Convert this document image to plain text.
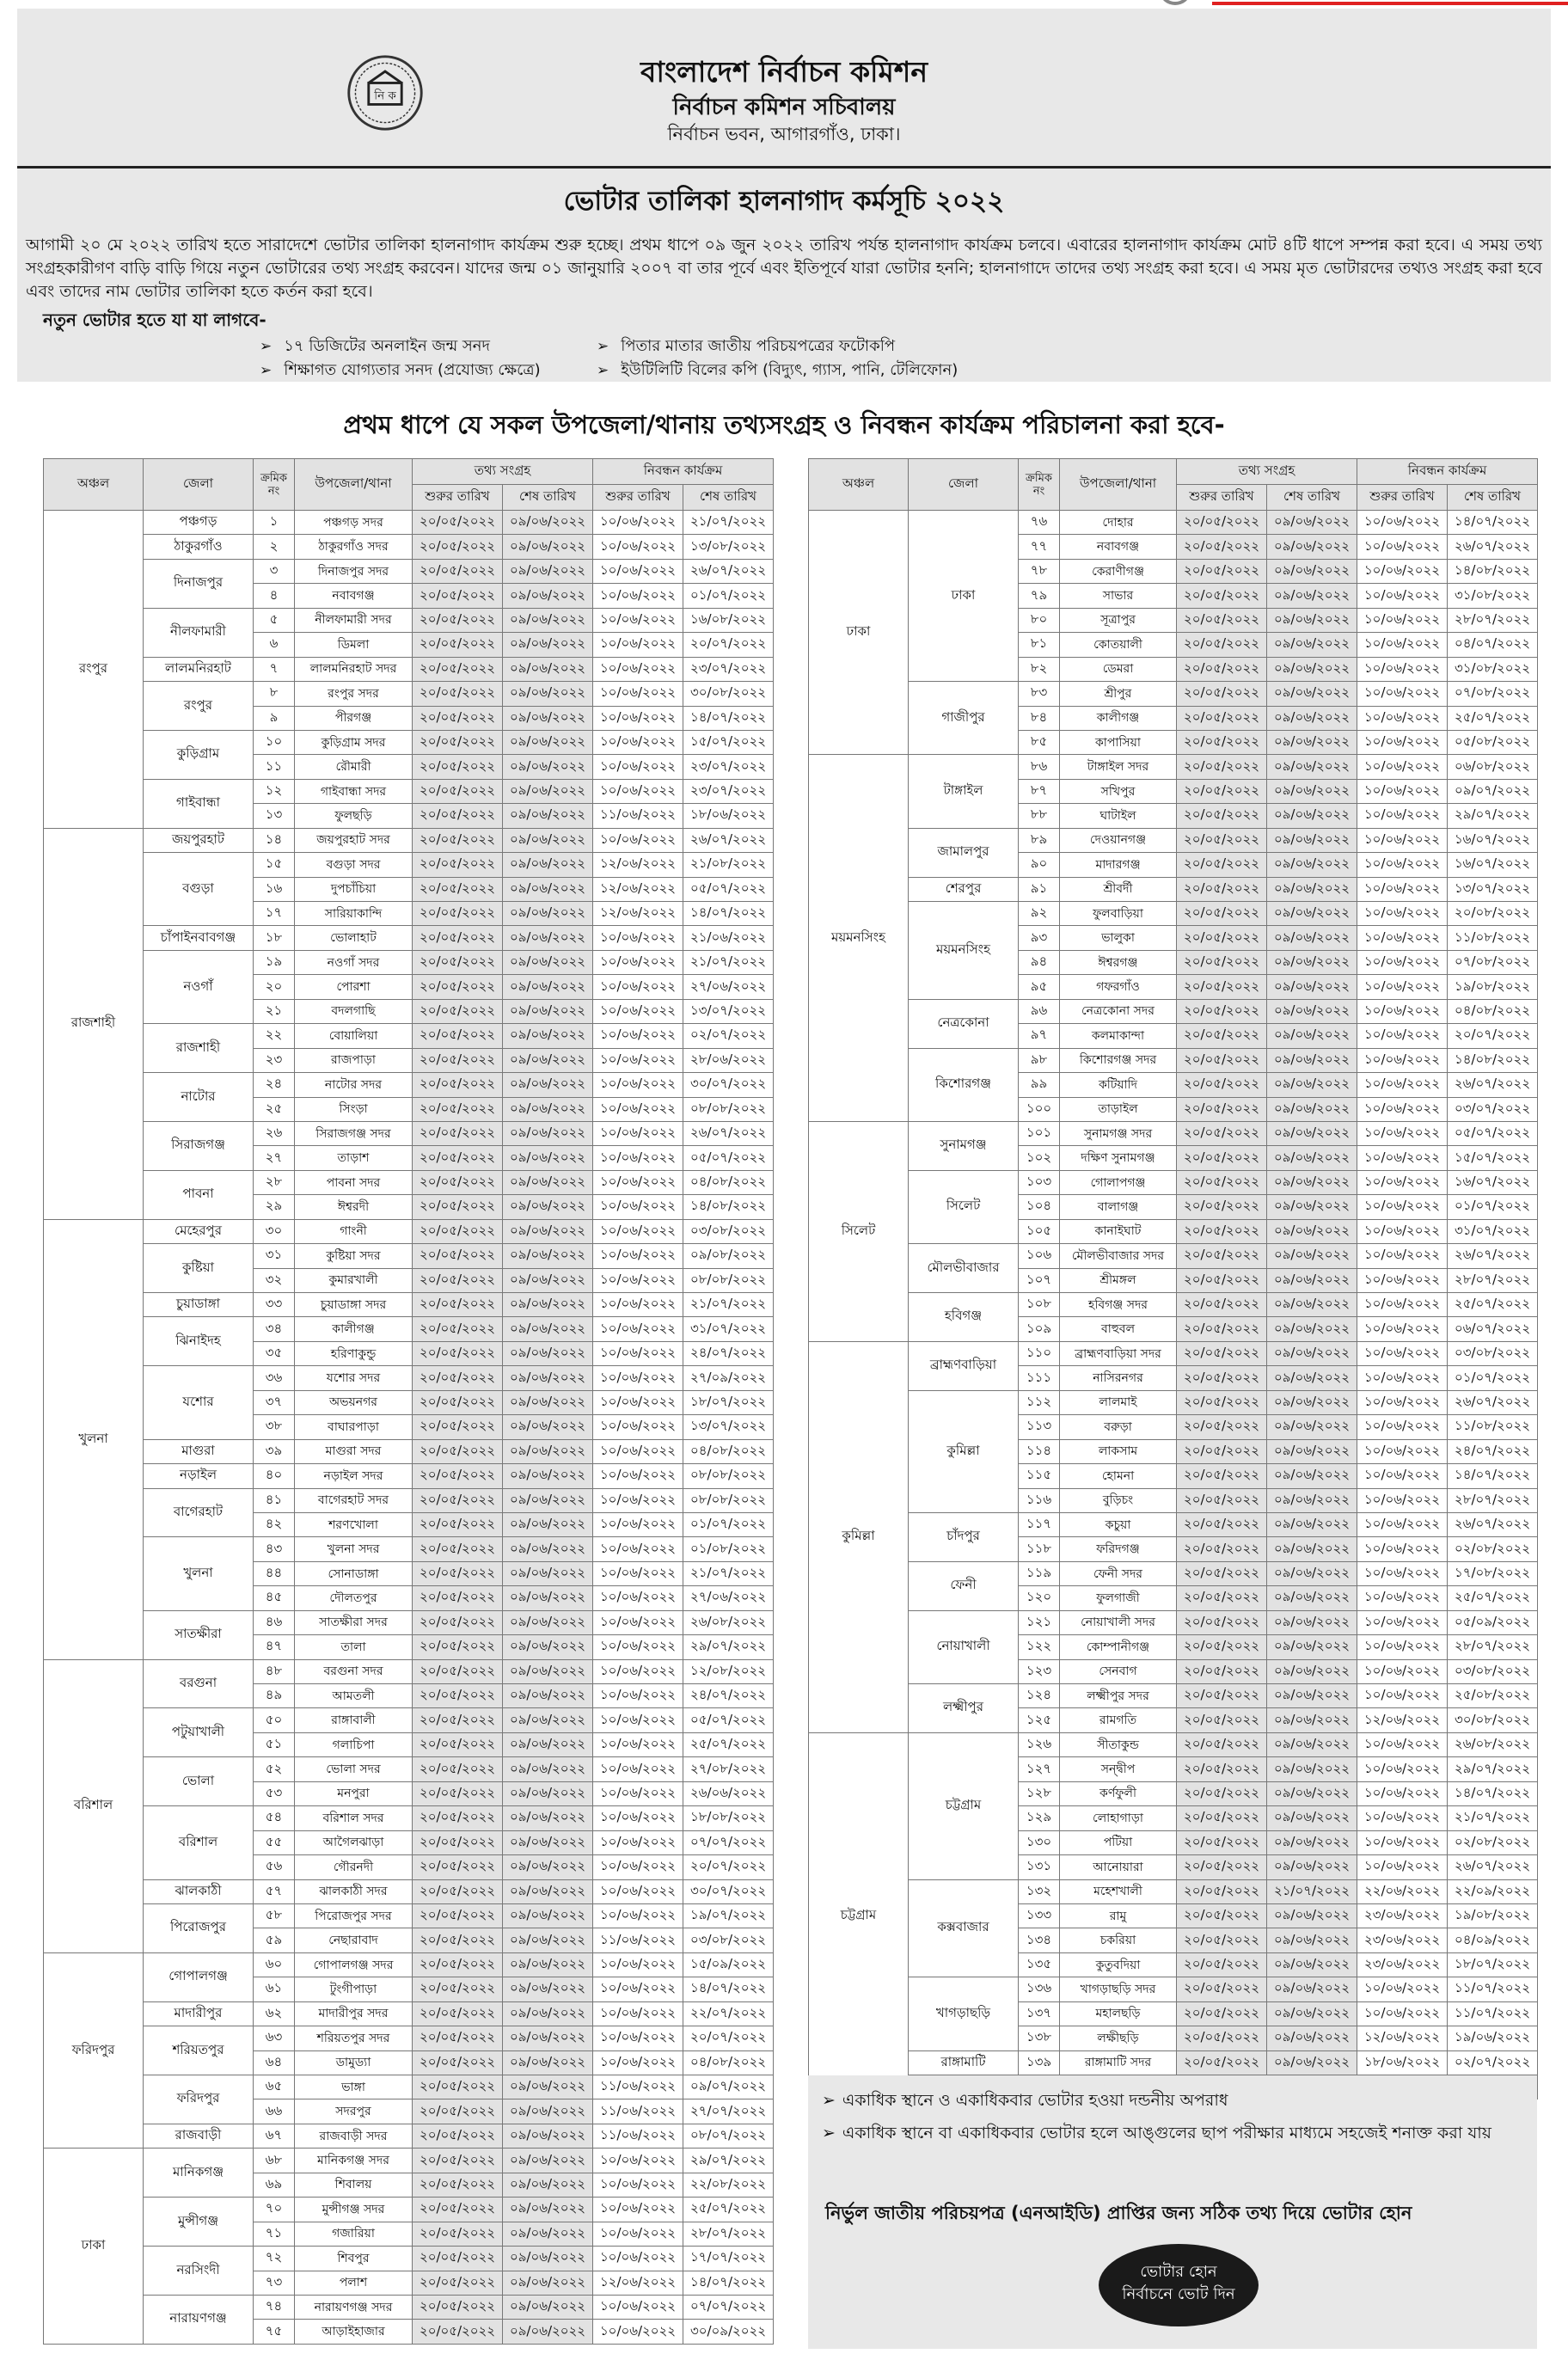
নি ক
বাংলাদেশ নির্বাচন কমিশন
নির্বাচন কমিশন সচিবালয়
নির্বাচন ভবন, আগারগাঁও, ঢাকা।
ভোটার তালিকা হালনাগাদ কর্মসূচি ২০২২
আগামী ২০ মে ২০২২ তারিখ হতে সারাদেশে ভোটার তালিকা হালনাগাদ কার্যক্রম শুরু হচ্ছে। প্রথম ধাপে ০৯ জুন ২০২২ তারিখ পর্যন্ত হালনাগাদ কার্যক্রম চলবে। এবারের হালনাগাদ কার্যক্রম মোট ৪টি ধাপে সম্পন্ন করা হবে। এ সময় তথ্য সংগ্রহকারীগণ বাড়ি বাড়ি গিয়ে নতুন ভোটারের তথ্য সংগ্রহ করবেন। যাদের জন্ম ০১ জানুয়ারি ২০০৭ বা তার পূর্বে এবং ইতিপূর্বে যারা ভোটার হননি; হালনাগাদে তাদের তথ্য সংগ্রহ করা হবে। এ সময় মৃত ভোটারদের তথ্যও সংগ্রহ করা হবে এবং তাদের নাম ভোটার তালিকা হতে কর্তন করা হবে।
নতুন ভোটার হতে যা যা লাগবে-
➢ ১৭ ডিজিটের অনলাইন জন্ম সনদ
➢ শিক্ষাগত যোগ্যতার সনদ (প্রযোজ্য ক্ষেত্রে)
➢ পিতার মাতার জাতীয় পরিচয়পত্রের ফটোকপি
➢ ইউটিলিটি বিলের কপি (বিদ্যুৎ, গ্যাস, পানি, টেলিফোন)
প্রথম ধাপে যে সকল উপজেলা/থানায় তথ্যসংগ্রহ ও নিবন্ধন কার্যক্রম পরিচালনা করা হবে-
অঞ্চল	জেলা	ক্রমিক নং	উপজেলা/থানা	তথ্য সংগ্রহ		নিবন্ধন কার্যক্রম	
				শুরুর তারিখ	শেষ তারিখ	শুরুর তারিখ	শেষ তারিখ
রংপুর	পঞ্চগড়	১	পঞ্চগড় সদর	২০/০৫/২০২২	০৯/০৬/২০২২	১০/০৬/২০২২	২১/০৭/২০২২
	ঠাকুরগাঁও	২	ঠাকুরগাঁও সদর	২০/০৫/২০২২	০৯/০৬/২০২২	১০/০৬/২০২২	১৩/০৮/২০২২
	দিনাজপুর	৩	দিনাজপুর সদর	২০/০৫/২০২২	০৯/০৬/২০২২	১০/০৬/২০২২	২৬/০৭/২০২২
		৪	নবাবগঞ্জ	২০/০৫/২০২২	০৯/০৬/২০২২	১০/০৬/২০২২	০১/০৭/২০২২
	নীলফামারী	৫	নীলফামারী সদর	২০/০৫/২০২২	০৯/০৬/২০২২	১০/০৬/২০২২	১৬/০৮/২০২২
		৬	ডিমলা	২০/০৫/২০২২	০৯/০৬/২০২২	১০/০৬/২০২২	২০/০৭/২০২২
	লালমনিরহাট	৭	লালমনিরহাট সদর	২০/০৫/২০২২	০৯/০৬/২০২২	১০/০৬/২০২২	২৩/০৭/২০২২
	রংপুর	৮	রংপুর সদর	২০/০৫/২০২২	০৯/০৬/২০২২	১০/০৬/২০২২	৩০/০৮/২০২২
		৯	পীরগঞ্জ	২০/০৫/২০২২	০৯/০৬/২০২২	১০/০৬/২০২২	১৪/০৭/২০২২
	কুড়িগ্রাম	১০	কুড়িগ্রাম সদর	২০/০৫/২০২২	০৯/০৬/২০২২	১০/০৬/২০২২	১৫/০৭/২০২২
		১১	রৌমারী	২০/০৫/২০২২	০৯/০৬/২০২২	১০/০৬/২০২২	২৩/০৭/২০২২
	গাইবান্ধা	১২	গাইবান্ধা সদর	২০/০৫/২০২২	০৯/০৬/২০২২	১০/০৬/২০২২	২৩/০৭/২০২২
		১৩	ফুলছড়ি	২০/০৫/২০২২	০৯/০৬/২০২২	১১/০৬/২০২২	১৮/০৬/২০২২
রাজশাহী	জয়পুরহাট	১৪	জয়পুরহাট সদর	২০/০৫/২০২২	০৯/০৬/২০২২	১০/০৬/২০২২	২৬/০৭/২০২২
	বগুড়া	১৫	বগুড়া সদর	২০/০৫/২০২২	০৯/০৬/২০২২	১২/০৬/২০২২	২১/০৮/২০২২
		১৬	দুপচাঁচিয়া	২০/০৫/২০২২	০৯/০৬/২০২২	১২/০৬/২০২২	০৫/০৭/২০২২
		১৭	সারিয়াকান্দি	২০/০৫/২০২২	০৯/০৬/২০২২	১২/০৬/২০২২	১৪/০৭/২০২২
	চাঁপাইনবাবগঞ্জ	১৮	ভোলাহাট	২০/০৫/২০২২	০৯/০৬/২০২২	১০/০৬/২০২২	২১/০৬/২০২২
	নওগাঁ	১৯	নওগাঁ সদর	২০/০৫/২০২২	০৯/০৬/২০২২	১০/০৬/২০২২	২১/০৭/২০২২
		২০	পোরশা	২০/০৫/২০২২	০৯/০৬/২০২২	১০/০৬/২০২২	২৭/০৬/২০২২
		২১	বদলগাছি	২০/০৫/২০২২	০৯/০৬/২০২২	১০/০৬/২০২২	১৩/০৭/২০২২
	রাজশাহী	২২	বোয়ালিয়া	২০/০৫/২০২২	০৯/০৬/২০২২	১০/০৬/২০২২	০২/০৭/২০২২
		২৩	রাজপাড়া	২০/০৫/২০২২	০৯/০৬/২০২২	১০/০৬/২০২২	২৮/০৬/২০২২
	নাটোর	২৪	নাটোর সদর	২০/০৫/২০২২	০৯/০৬/২০২২	১০/০৬/২০২২	৩০/০৭/২০২২
		২৫	সিংড়া	২০/০৫/২০২২	০৯/০৬/২০২২	১০/০৬/২০২২	০৮/০৮/২০২২
	সিরাজগঞ্জ	২৬	সিরাজগঞ্জ সদর	২০/০৫/২০২২	০৯/০৬/২০২২	১০/০৬/২০২২	২৬/০৭/২০২২
		২৭	তাড়াশ	২০/০৫/২০২২	০৯/০৬/২০২২	১০/০৬/২০২২	০৫/০৭/২০২২
	পাবনা	২৮	পাবনা সদর	২০/০৫/২০২২	০৯/০৬/২০২২	১০/০৬/২০২২	০৪/০৮/২০২২
		২৯	ঈশ্বরদী	২০/০৫/২০২২	০৯/০৬/২০২২	১০/০৬/২০২২	১৪/০৮/২০২২
খুলনা	মেহেরপুর	৩০	গাংনী	২০/০৫/২০২২	০৯/০৬/২০২২	১০/০৬/২০২২	০৩/০৮/২০২২
	কুষ্টিয়া	৩১	কুষ্টিয়া সদর	২০/০৫/২০২২	০৯/০৬/২০২২	১০/০৬/২০২২	০৯/০৮/২০২২
		৩২	কুমারখালী	২০/০৫/২০২২	০৯/০৬/২০২২	১০/০৬/২০২২	০৮/০৮/২০২২
	চুয়াডাঙ্গা	৩৩	চুয়াডাঙ্গা সদর	২০/০৫/২০২২	০৯/০৬/২০২২	১০/০৬/২০২২	২১/০৭/২০২২
	ঝিনাইদহ	৩৪	কালীগঞ্জ	২০/০৫/২০২২	০৯/০৬/২০২২	১০/০৬/২০২২	৩১/০৭/২০২২
		৩৫	হরিণাকুন্ডু	২০/০৫/২০২২	০৯/০৬/২০২২	১০/০৬/২০২২	২৪/০৭/২০২২
	যশোর	৩৬	যশোর সদর	২০/০৫/২০২২	০৯/০৬/২০২২	১০/০৬/২০২২	২৭/০৯/২০২২
		৩৭	অভয়নগর	২০/০৫/২০২২	০৯/০৬/২০২২	১০/০৬/২০২২	১৮/০৭/২০২২
		৩৮	বাঘারপাড়া	২০/০৫/২০২২	০৯/০৬/২০২২	১০/০৬/২০২২	১৩/০৭/২০২২
	মাগুরা	৩৯	মাগুরা সদর	২০/০৫/২০২২	০৯/০৬/২০২২	১০/০৬/২০২২	০৪/০৮/২০২২
	নড়াইল	৪০	নড়াইল সদর	২০/০৫/২০২২	০৯/০৬/২০২২	১০/০৬/২০২২	০৮/০৮/২০২২
	বাগেরহাট	৪১	বাগেরহাট সদর	২০/০৫/২০২২	০৯/০৬/২০২২	১০/০৬/২০২২	০৮/০৮/২০২২
		৪২	শরণখোলা	২০/০৫/২০২২	০৯/০৬/২০২২	১০/০৬/২০২২	০১/০৭/২০২২
	খুলনা	৪৩	খুলনা সদর	২০/০৫/২০২২	০৯/০৬/২০২২	১০/০৬/২০২২	০১/০৮/২০২২
		৪৪	সোনাডাঙ্গা	২০/০৫/২০২২	০৯/০৬/২০২২	১০/০৬/২০২২	২১/০৭/২০২২
		৪৫	দৌলতপুর	২০/০৫/২০২২	০৯/০৬/২০২২	১০/০৬/২০২২	২৭/০৬/২০২২
	সাতক্ষীরা	৪৬	সাতক্ষীরা সদর	২০/০৫/২০২২	০৯/০৬/২০২২	১০/০৬/২০২২	২৬/০৮/২০২২
		৪৭	তালা	২০/০৫/২০২২	০৯/০৬/২০২২	১০/০৬/২০২২	২৯/০৭/২০২২
বরিশাল	বরগুনা	৪৮	বরগুনা সদর	২০/০৫/২০২২	০৯/০৬/২০২২	১০/০৬/২০২২	১২/০৮/২০২২
		৪৯	আমতলী	২০/০৫/২০২২	০৯/০৬/২০২২	১০/০৬/২০২২	২৪/০৭/২০২২
	পটুয়াখালী	৫০	রাঙ্গাবালী	২০/০৫/২০২২	০৯/০৬/২০২২	১০/০৬/২০২২	০৫/০৭/২০২২
		৫১	গলাচিপা	২০/০৫/২০২২	০৯/০৬/২০২২	১০/০৬/২০২২	২৫/০৭/২০২২
	ভোলা	৫২	ভোলা সদর	২০/০৫/২০২২	০৯/০৬/২০২২	১০/০৬/২০২২	২৭/০৮/২০২২
		৫৩	মনপুরা	২০/০৫/২০২২	০৯/০৬/২০২২	১০/০৬/২০২২	২৬/০৬/২০২২
	বরিশাল	৫৪	বরিশাল সদর	২০/০৫/২০২২	০৯/০৬/২০২২	১০/০৬/২০২২	১৮/০৮/২০২২
		৫৫	আগৈলঝাড়া	২০/০৫/২০২২	০৯/০৬/২০২২	১০/০৬/২০২২	০৭/০৭/২০২২
		৫৬	গৌরনদী	২০/০৫/২০২২	০৯/০৬/২০২২	১০/০৬/২০২২	২০/০৭/২০২২
	ঝালকাঠী	৫৭	ঝালকাঠী সদর	২০/০৫/২০২২	০৯/০৬/২০২২	১০/০৬/২০২২	৩০/০৭/২০২২
	পিরোজপুর	৫৮	পিরোজপুর সদর	২০/০৫/২০২২	০৯/০৬/২০২২	১০/০৬/২০২২	১৯/০৭/২০২২
		৫৯	নেছারাবাদ	২০/০৫/২০২২	০৯/০৬/২০২২	১১/০৬/২০২২	০৩/০৮/২০২২
ফরিদপুর	গোপালগঞ্জ	৬০	গোপালগঞ্জ সদর	২০/০৫/২০২২	০৯/০৬/২০২২	১০/০৬/২০২২	১৫/০৯/২০২২
		৬১	টুংগীপাড়া	২০/০৫/২০২২	০৯/০৬/২০২২	১০/০৬/২০২২	১৪/০৭/২০২২
	মাদারীপুর	৬২	মাদারীপুর সদর	২০/০৫/২০২২	০৯/০৬/২০২২	১০/০৬/২০২২	২২/০৭/২০২২
	শরিয়তপুর	৬৩	শরিয়তপুর সদর	২০/০৫/২০২২	০৯/০৬/২০২২	১০/০৬/২০২২	২০/০৭/২০২২
		৬৪	ডামুড্যা	২০/০৫/২০২২	০৯/০৬/২০২২	১০/০৬/২০২২	০৪/০৮/২০২২
	ফরিদপুর	৬৫	ভাঙ্গা	২০/০৫/২০২২	০৯/০৬/২০২২	১১/০৬/২০২২	০৯/০৭/২০২২
		৬৬	সদরপুর	২০/০৫/২০২২	০৯/০৬/২০২২	১১/০৬/২০২২	২৭/০৭/২০২২
	রাজবাড়ী	৬৭	রাজবাড়ী সদর	২০/০৫/২০২২	০৯/০৬/২০২২	১১/০৬/২০২২	০৮/০৭/২০২২
ঢাকা	মানিকগঞ্জ	৬৮	মানিকগঞ্জ সদর	২০/০৫/২০২২	০৯/০৬/২০২২	১০/০৬/২০২২	২৯/০৭/২০২২
		৬৯	শিবালয়	২০/০৫/২০২২	০৯/০৬/২০২২	১০/০৬/২০২২	২২/০৮/২০২২
	মুন্সীগঞ্জ	৭০	মুন্সীগঞ্জ সদর	২০/০৫/২০২২	০৯/০৬/২০২২	১০/০৬/২০২২	২৫/০৭/২০২২
		৭১	গজারিয়া	২০/০৫/২০২২	০৯/০৬/২০২২	১০/০৬/২০২২	২৮/০৭/২০২২
	নরসিংদী	৭২	শিবপুর	২০/০৫/২০২২	০৯/০৬/২০২২	১০/০৬/২০২২	১৭/০৭/২০২২
		৭৩	পলাশ	২০/০৫/২০২২	০৯/০৬/২০২২	১২/০৬/২০২২	১৪/০৭/২০২২
	নারায়ণগঞ্জ	৭৪	নারায়ণগঞ্জ সদর	২০/০৫/২০২২	০৯/০৬/২০২২	১০/০৬/২০২২	০৭/০৭/২০২২
		৭৫	আড়াইহাজার	২০/০৫/২০২২	০৯/০৬/২০২২	১০/০৬/২০২২	৩০/০৯/২০২২
অঞ্চল	জেলা	ক্রমিক নং	উপজেলা/থানা	তথ্য সংগ্রহ		নিবন্ধন কার্যক্রম	
				শুরুর তারিখ	শেষ তারিখ	শুরুর তারিখ	শেষ তারিখ
ঢাকা	ঢাকা	৭৬	দোহার	২০/০৫/২০২২	০৯/০৬/২০২২	১০/০৬/২০২২	১৪/০৭/২০২২
		৭৭	নবাবগঞ্জ	২০/০৫/২০২২	০৯/০৬/২০২২	১০/০৬/২০২২	২৬/০৭/২০২২
		৭৮	কেরাণীগঞ্জ	২০/০৫/২০২২	০৯/০৬/২০২২	১০/০৬/২০২২	১৪/০৮/২০২২
		৭৯	সাভার	২০/০৫/২০২২	০৯/০৬/২০২২	১০/০৬/২০২২	৩১/০৮/২০২২
		৮০	সূত্রাপুর	২০/০৫/২০২২	০৯/০৬/২০২২	১০/০৬/২০২২	২৮/০৭/২০২২
		৮১	কোতয়ালী	২০/০৫/২০২২	০৯/০৬/২০২২	১০/০৬/২০২২	০৪/০৭/২০২২
		৮২	ডেমরা	২০/০৫/২০২২	০৯/০৬/২০২২	১০/০৬/২০২২	৩১/০৮/২০২২
	গাজীপুর	৮৩	শ্রীপুর	২০/০৫/২০২২	০৯/০৬/২০২২	১০/০৬/২০২২	০৭/০৮/২০২২
		৮৪	কালীগঞ্জ	২০/০৫/২০২২	০৯/০৬/২০২২	১০/০৬/২০২২	২৫/০৭/২০২২
		৮৫	কাপাসিয়া	২০/০৫/২০২২	০৯/০৬/২০২২	১০/০৬/২০২২	০৫/০৮/২০২২
ময়মনসিংহ	টাঙ্গাইল	৮৬	টাঙ্গাইল সদর	২০/০৫/২০২২	০৯/০৬/২০২২	১০/০৬/২০২২	০৬/০৮/২০২২
		৮৭	সখিপুর	২০/০৫/২০২২	০৯/০৬/২০২২	১০/০৬/২০২২	০৯/০৭/২০২২
		৮৮	ঘাটাইল	২০/০৫/২০২২	০৯/০৬/২০২২	১০/০৬/২০২২	২৯/০৭/২০২২
	জামালপুর	৮৯	দেওয়ানগঞ্জ	২০/০৫/২০২২	০৯/০৬/২০২২	১০/০৬/২০২২	১৬/০৭/২০২২
		৯০	মাদারগঞ্জ	২০/০৫/২০২২	০৯/০৬/২০২২	১০/০৬/২০২২	১৬/০৭/২০২২
	শেরপুর	৯১	শ্রীবর্দী	২০/০৫/২০২২	০৯/০৬/২০২২	১০/০৬/২০২২	১৩/০৭/২০২২
	ময়মনসিংহ	৯২	ফুলবাড়িয়া	২০/০৫/২০২২	০৯/০৬/২০২২	১০/০৬/২০২২	২০/০৮/২০২২
		৯৩	ভালুকা	২০/০৫/২০২২	০৯/০৬/২০২২	১০/০৬/২০২২	১১/০৮/২০২২
		৯৪	ঈশ্বরগঞ্জ	২০/০৫/২০২২	০৯/০৬/২০২২	১০/০৬/২০২২	০৭/০৮/২০২২
		৯৫	গফরগাঁও	২০/০৫/২০২২	০৯/০৬/২০২২	১০/০৬/২০২২	১৯/০৮/২০২২
	নেত্রকোনা	৯৬	নেত্রকোনা সদর	২০/০৫/২০২২	০৯/০৬/২০২২	১০/০৬/২০২২	০৪/০৮/২০২২
		৯৭	কলমাকান্দা	২০/০৫/২০২২	০৯/০৬/২০২২	১০/০৬/২০২২	২০/০৭/২০২২
	কিশোরগঞ্জ	৯৮	কিশোরগঞ্জ সদর	২০/০৫/২০২২	০৯/০৬/২০২২	১০/০৬/২০২২	১৪/০৮/২০২২
		৯৯	কটিয়াদি	২০/০৫/২০২২	০৯/০৬/২০২২	১০/০৬/২০২২	২৬/০৭/২০২২
		১০০	তাড়াইল	২০/০৫/২০২২	০৯/০৬/২০২২	১০/০৬/২০২২	০৩/০৭/২০২২
সিলেট	সুনামগঞ্জ	১০১	সুনামগঞ্জ সদর	২০/০৫/২০২২	০৯/০৬/২০২২	১০/০৬/২০২২	০৫/০৭/২০২২
		১০২	দক্ষিণ সুনামগঞ্জ	২০/০৫/২০২২	০৯/০৬/২০২২	১০/০৬/২০২২	১৫/০৭/২০২২
	সিলেট	১০৩	গোলাপগঞ্জ	২০/০৫/২০২২	০৯/০৬/২০২২	১০/০৬/২০২২	১৬/০৭/২০২২
		১০৪	বালাগঞ্জ	২০/০৫/২০২২	০৯/০৬/২০২২	১০/০৬/২০২২	০১/০৭/২০২২
		১০৫	কানাইঘাট	২০/০৫/২০২২	০৯/০৬/২০২২	১০/০৬/২০২২	৩১/০৭/২০২২
	মৌলভীবাজার	১০৬	মৌলভীবাজার সদর	২০/০৫/২০২২	০৯/০৬/২০২২	১০/০৬/২০২২	২৬/০৭/২০২২
		১০৭	শ্রীমঙ্গল	২০/০৫/২০২২	০৯/০৬/২০২২	১০/০৬/২০২২	২৮/০৭/২০২২
	হবিগঞ্জ	১০৮	হবিগঞ্জ সদর	২০/০৫/২০২২	০৯/০৬/২০২২	১০/০৬/২০২২	২৫/০৭/২০২২
		১০৯	বাহুবল	২০/০৫/২০২২	০৯/০৬/২০২২	১০/০৬/২০২২	০৬/০৭/২০২২
কুমিল্লা	ব্রাহ্মণবাড়িয়া	১১০	ব্রাহ্মণবাড়িয়া সদর	২০/০৫/২০২২	০৯/০৬/২০২২	১০/০৬/২০২২	০৩/০৮/২০২২
		১১১	নাসিরনগর	২০/০৫/২০২২	০৯/০৬/২০২২	১০/০৬/২০২২	০১/০৭/২০২২
	কুমিল্লা	১১২	লালমাই	২০/০৫/২০২২	০৯/০৬/২০২২	১০/০৬/২০২২	২৬/০৭/২০২২
		১১৩	বরুড়া	২০/০৫/২০২২	০৯/০৬/২০২২	১০/০৬/২০২২	১১/০৮/২০২২
		১১৪	লাকসাম	২০/০৫/২০২২	০৯/০৬/২০২২	১০/০৬/২০২২	২৪/০৭/২০২২
		১১৫	হোমনা	২০/০৫/২০২২	০৯/০৬/২০২২	১০/০৬/২০২২	১৪/০৭/২০২২
		১১৬	বুড়িচং	২০/০৫/২০২২	০৯/০৬/২০২২	১০/০৬/২০২২	২৮/০৭/২০২২
	চাঁদপুর	১১৭	কচুয়া	২০/০৫/২০২২	০৯/০৬/২০২২	১০/০৬/২০২২	২৬/০৭/২০২২
		১১৮	ফরিদগঞ্জ	২০/০৫/২০২২	০৯/০৬/২০২২	১০/০৬/২০২২	০২/০৮/২০২২
	ফেনী	১১৯	ফেনী সদর	২০/০৫/২০২২	০৯/০৬/২০২২	১০/০৬/২০২২	১৭/০৮/২০২২
		১২০	ফুলগাজী	২০/০৫/২০২২	০৯/০৬/২০২২	১০/০৬/২০২২	২৫/০৭/২০২২
	নোয়াখালী	১২১	নোয়াখালী সদর	২০/০৫/২০২২	০৯/০৬/২০২২	১০/০৬/২০২২	০৫/০৯/২০২২
		১২২	কোম্পানীগঞ্জ	২০/০৫/২০২২	০৯/০৬/২০২২	১০/০৬/২০২২	২৮/০৭/২০২২
		১২৩	সেনবাগ	২০/০৫/২০২২	০৯/০৬/২০২২	১০/০৬/২০২২	০৩/০৮/২০২২
	লক্ষ্মীপুর	১২৪	লক্ষ্মীপুর সদর	২০/০৫/২০২২	০৯/০৬/২০২২	১০/০৬/২০২২	২৫/০৮/২০২২
		১২৫	রামগতি	২০/০৫/২০২২	০৯/০৬/২০২২	১২/০৬/২০২২	৩০/০৮/২০২২
চট্টগ্রাম	চট্টগ্রাম	১২৬	সীতাকুন্ড	২০/০৫/২০২২	০৯/০৬/২০২২	১০/০৬/২০২২	২৬/০৮/২০২২
		১২৭	সন্দ্বীপ	২০/০৫/২০২২	০৯/০৬/২০২২	১০/০৬/২০২২	২৯/০৭/২০২২
		১২৮	কর্ণফুলী	২০/০৫/২০২২	০৯/০৬/২০২২	১০/০৬/২০২২	১৪/০৭/২০২২
		১২৯	লোহাগাড়া	২০/০৫/২০২২	০৯/০৬/২০২২	১০/০৬/২০২২	২১/০৭/২০২২
		১৩০	পটিয়া	২০/০৫/২০২২	০৯/০৬/২০২২	১০/০৬/২০২২	০২/০৮/২০২২
		১৩১	আনোয়ারা	২০/০৫/২০২২	০৯/০৬/২০২২	১০/০৬/২০২২	২৬/০৭/২০২২
	কক্সবাজার	১৩২	মহেশখালী	২০/০৫/২০২২	২১/০৭/২০২২	২২/০৬/২০২২	২২/০৯/২০২২
		১৩৩	রামু	২০/০৫/২০২২	০৯/০৬/২০২২	২৩/০৬/২০২২	১৯/০৮/২০২২
		১৩৪	চকরিয়া	২০/০৫/২০২২	০৯/০৬/২০২২	২৩/০৬/২০২২	০৪/০৯/২০২২
		১৩৫	কুতুবদিয়া	২০/০৫/২০২২	০৯/০৬/২০২২	২৩/০৬/২০২২	১৮/০৭/২০২২
	খাগড়াছড়ি	১৩৬	খাগড়াছড়ি সদর	২০/০৫/২০২২	০৯/০৬/২০২২	১০/০৬/২০২২	১১/০৭/২০২২
		১৩৭	মহালছড়ি	২০/০৫/২০২২	০৯/০৬/২০২২	১০/০৬/২০২২	১১/০৭/২০২২
		১৩৮	লক্ষীছড়ি	২০/০৫/২০২২	০৯/০৬/২০২২	১২/০৬/২০২২	১৯/০৬/২০২২
	রাঙ্গামাটি	১৩৯	রাঙ্গামাটি সদর	২০/০৫/২০২২	০৯/০৬/২০২২	১৮/০৬/২০২২	০২/০৭/২০২২

➢ একাধিক স্থানে ও একাধিকবার ভোটার হওয়া দন্ডনীয় অপরাধ
➢ একাধিক স্থানে বা একাধিকবার ভোটার হলে আঙ্গুলের ছাপ পরীক্ষার মাধ্যমে সহজেই শনাক্ত করা যায়
নির্ভুল জাতীয় পরিচয়পত্র (এনআইডি) প্রাপ্তির জন্য সঠিক তথ্য দিয়ে ভোটার হোন
ভোটার হোন
নির্বাচনে ভোট দিন
